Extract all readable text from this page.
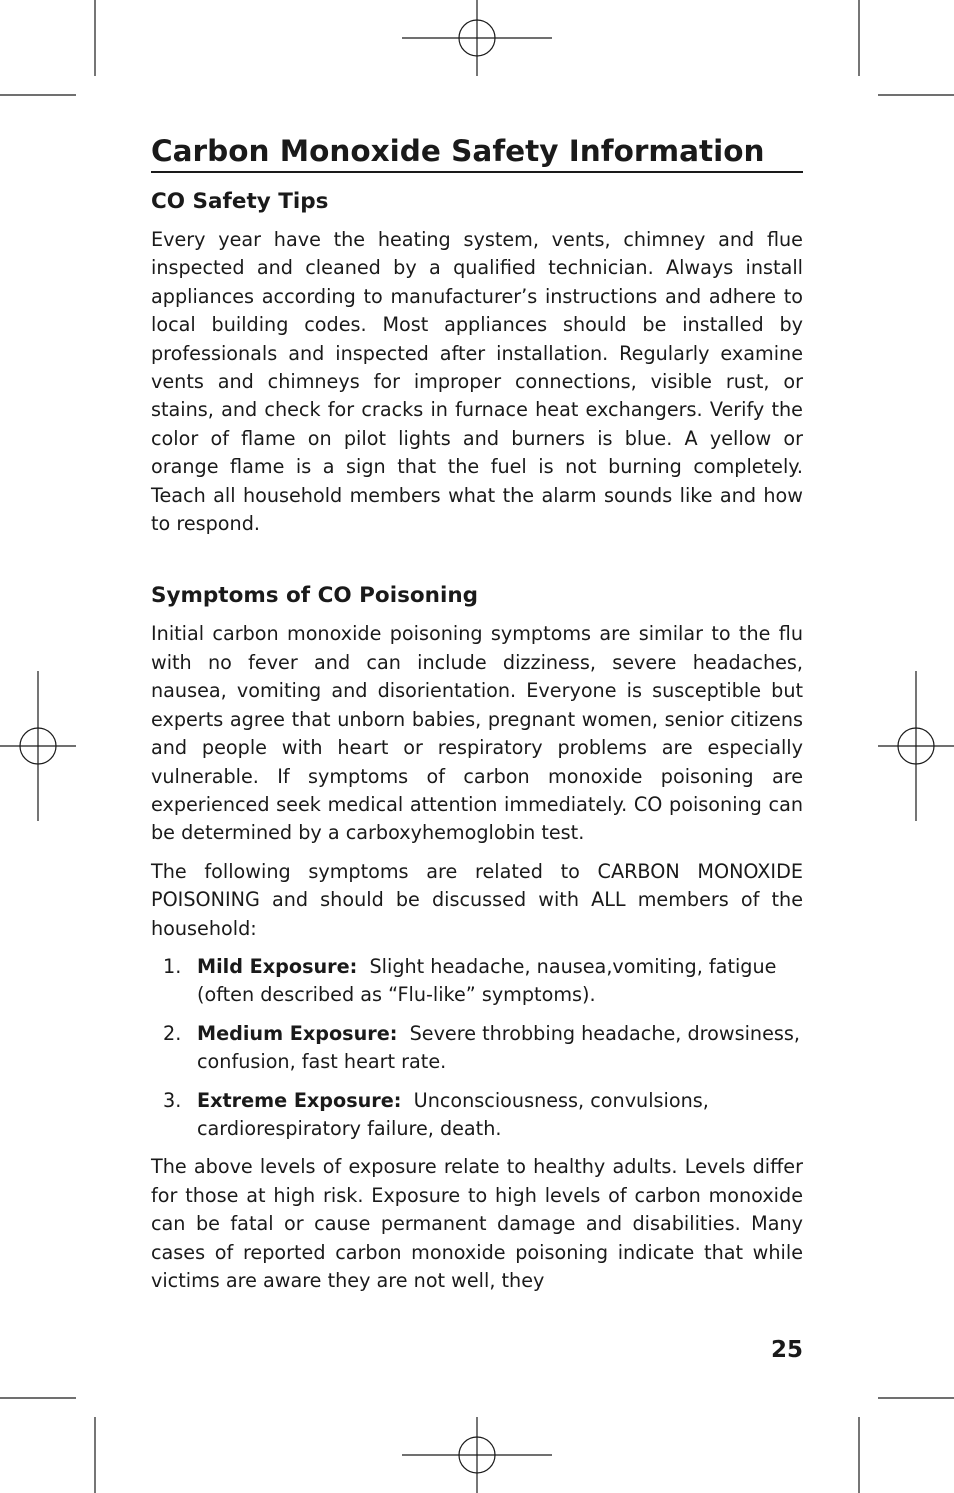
Carbon Monoxide Safety Information
CO Safety Tips

Every year have the heating system, vents, chimney and flue inspected and cleaned by a qualified technician. Always install appliances according to manufacturer’s instructions and adhere to local building codes. Most appliances should be installed by professionals and inspected after installation. Regularly examine vents and chimneys for improper connections, visible rust, or stains, and check for cracks in furnace heat exchangers. Verify the color of flame on pilot lights and burners is blue. A yellow or orange flame is a sign that the fuel is not burning completely. Teach all household members what the alarm sounds like and how to respond.

Symptoms of CO Poisoning

Initial carbon monoxide poisoning symptoms are similar to the flu with no fever and can include dizziness, severe headaches, nausea, vomiting and disorientation. Everyone is susceptible but experts agree that unborn babies, pregnant women, senior citizens and people with heart or respiratory problems are especially vulnerable. If symptoms of carbon monoxide poisoning are experienced seek medical attention immediately. CO poisoning can be determined by a carboxyhemoglobin test.

The following symptoms are related to CARBON MONOXIDE POISONING and should be discussed with ALL members of the household:

1. Mild Exposure: Slight headache, nausea,vomiting, fatigue (often described as “Flu-like” symptoms).
2. Medium Exposure: Severe throbbing headache, drowsiness, confusion, fast heart rate.
3. Extreme Exposure: Unconsciousness, convulsions, cardiorespiratory failure, death.

The above levels of exposure relate to healthy adults. Levels differ for those at high risk. Exposure to high levels of carbon monoxide can be fatal or cause permanent damage and disabilities. Many cases of reported carbon monoxide poisoning indicate that while victims are aware they are not well, they

25
